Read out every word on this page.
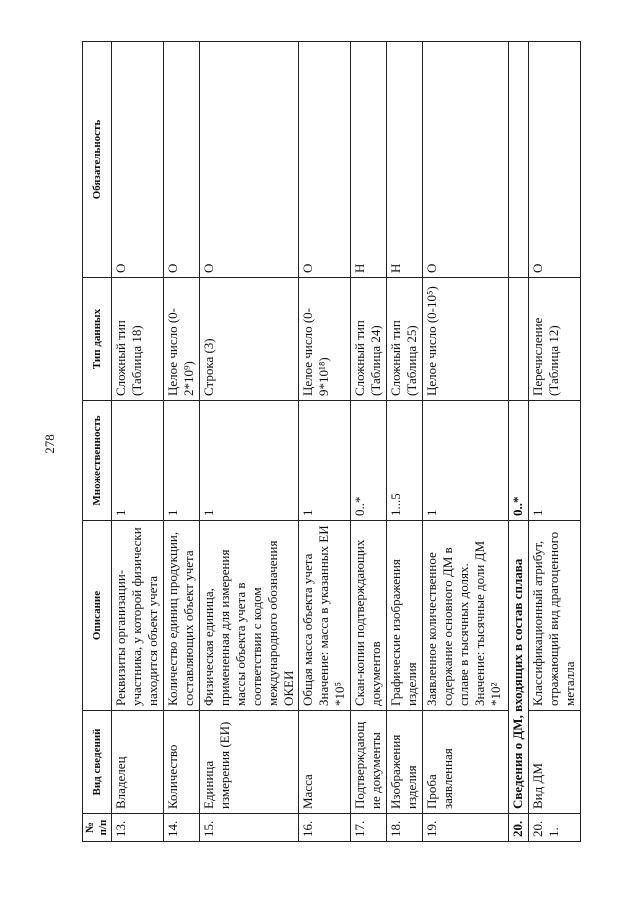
278
№ п/п	Вид сведений	Описание	Множественность	Тип данных	Обязательность
13.	Владелец	Реквизиты организации-участника, у которой физически находится объект учета	1	Сложный тип (Таблица 18)	О
14.	Количество	Количество единиц продукции, составляющих объект учета	1	Целое число (0-2*10⁹)	О
15.	Единица измерения (ЕИ)	Физическая единица, примененная для измерения массы объекта учета в соответствии с кодом международного обозначения ОКЕИ	1	Строка (3)	О
16.	Масса	Общая масса объекта учета Значение: масса в указанных ЕИ *10⁵	1	Целое число (0-9*10¹⁸)	О
17.	Подтверждающие документы	Скан-копии подтверждающих документов	0..*	Сложный тип (Таблица 24)	Н
18.	Изображения изделия	Графические изображения изделия	1...5	Сложный тип (Таблица 25)	Н
19.	Проба заявленная	Заявленное количественное содержание основного ДМ в сплаве в тысячных долях. Значение: тысячные доли ДМ *10²	1	Целое число (0-10⁵)	О
20.	Сведения о ДМ, входящих в состав сплава		0..*		
20.1.	Вид ДМ	Классификационный атрибут, отражающий вид драгоценного металла	1	Перечисление (Таблица 12)	О
